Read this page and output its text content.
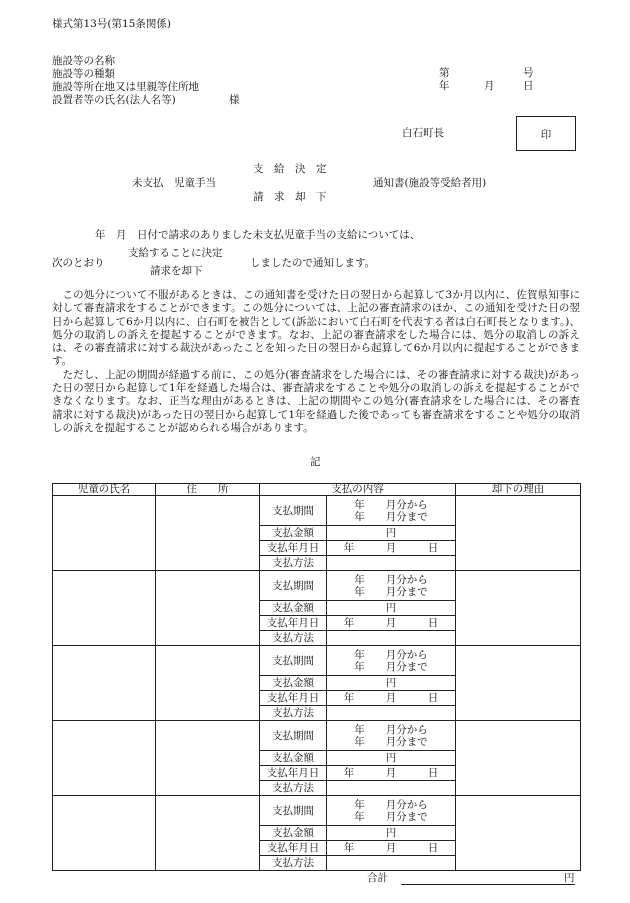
様式第13号(第15条関係)
施設等の名称
施設等の種類
施設等所在地又は里親等住所地
設置者等の氏名(法人名等)	様
第	号
年	月	日
白石町長	印
支　給　決　定
未支払　児童手当	通知書(施設等受給者用)
請　求　却　下
年　月　日付で請求のありました未支払児童手当の支給については、
支給することに決定
次のとおり	しましたので通知します。
請求を却下

この処分について不服があるときは、この通知書を受けた日の翌日から起算して3か月以内に、佐賀県知事に対して審査請求をすることができます。この処分については、上記の審査請求のほか、この通知を受けた日の翌日から起算して6か月以内に、白石町を被告として(訴訟において白石町を代表する者は白石町長となります。)、処分の取消しの訴えを提起することができます。なお、上記の審査請求をした場合には、処分の取消しの訴えは、その審査請求に対する裁決があったことを知った日の翌日から起算して6か月以内に提起することができます。

ただし、上記の期間が経過する前に、この処分(審査請求をした場合には、その審査請求に対する裁決)があった日の翌日から起算して1年を経過した場合は、審査請求をすることや処分の取消しの訴えを提起することができなくなります。なお、正当な理由があるときは、上記の期間やこの処分(審査請求をした場合には、その審査請求に対する裁決)があった日の翌日から起算して1年を経過した後であっても審査請求をすることや処分の取消しの訴えを提起することが認められる場合があります。

記
児童の氏名	住　　所	支払の内容		却下の理由
		支払期間	年　　月分から
年　　月分まで	

		支払金額	円	
		支払年月日	年　　　月　　　日	
		支払方法		
		支払期間	年　　月分から
年　　月分まで	

		支払金額	円	
		支払年月日	年　　　月　　　日	
		支払方法		
		支払期間	年　　月分から
年　　月分まで	

		支払金額	円	
		支払年月日	年　　　月　　　日	
		支払方法		
		支払期間	年　　月分から
年　　月分まで	

		支払金額	円	
		支払年月日	年　　　月　　　日	
		支払方法		
		支払期間	年　　月分から
年　　月分まで	

		支払金額	円	
		支払年月日	年　　　月　　　日	
		支払方法		
合計	円
